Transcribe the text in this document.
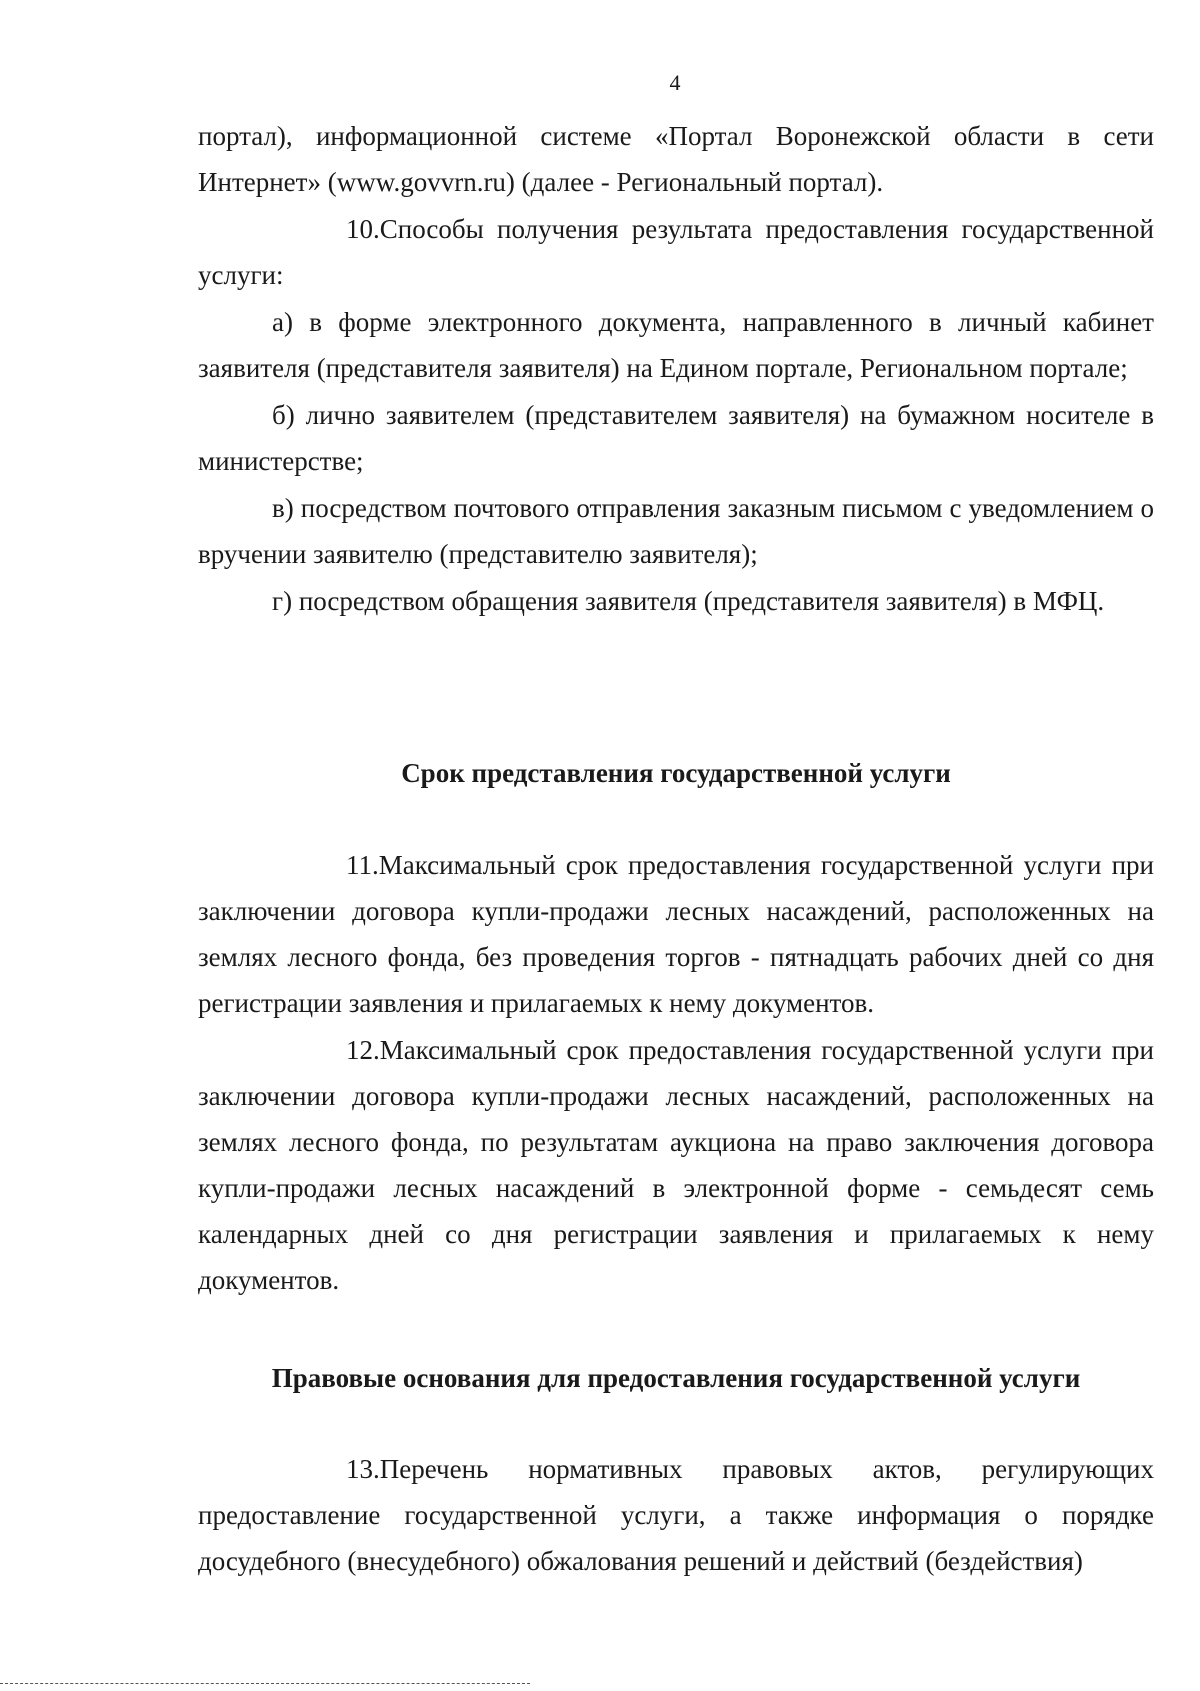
4

портал), информационной системе «Портал Воронежской области в сети Интернет» (www.govvrn.ru) (далее - Региональный портал).

10.Способы получения результата предоставления государственной услуги:

а) в форме электронного документа, направленного в личный кабинет заявителя (представителя заявителя) на Едином портале, Региональном портале;

б) лично заявителем (представителем заявителя) на бумажном носителе в министерстве;

в) посредством почтового отправления заказным письмом с уведомлением о вручении заявителю (представителю заявителя);

г) посредством обращения заявителя (представителя заявителя) в МФЦ.

Срок представления государственной услуги

11.Максимальный срок предоставления государственной услуги при заключении договора купли-продажи лесных насаждений, расположенных на землях лесного фонда, без проведения торгов - пятнадцать рабочих дней со дня регистрации заявления и прилагаемых к нему документов.

12.Максимальный срок предоставления государственной услуги при заключении договора купли-продажи лесных насаждений, расположенных на землях лесного фонда, по результатам аукциона на право заключения договора купли-продажи лесных насаждений в электронной форме - семьдесят семь календарных дней со дня регистрации заявления и прилагаемых к нему документов.

Правовые основания для предоставления государственной услуги

13.Перечень нормативных правовых актов, регулирующих предоставление государственной услуги, а также информация о порядке досудебного (внесудебного) обжалования решений и действий (бездействия)
